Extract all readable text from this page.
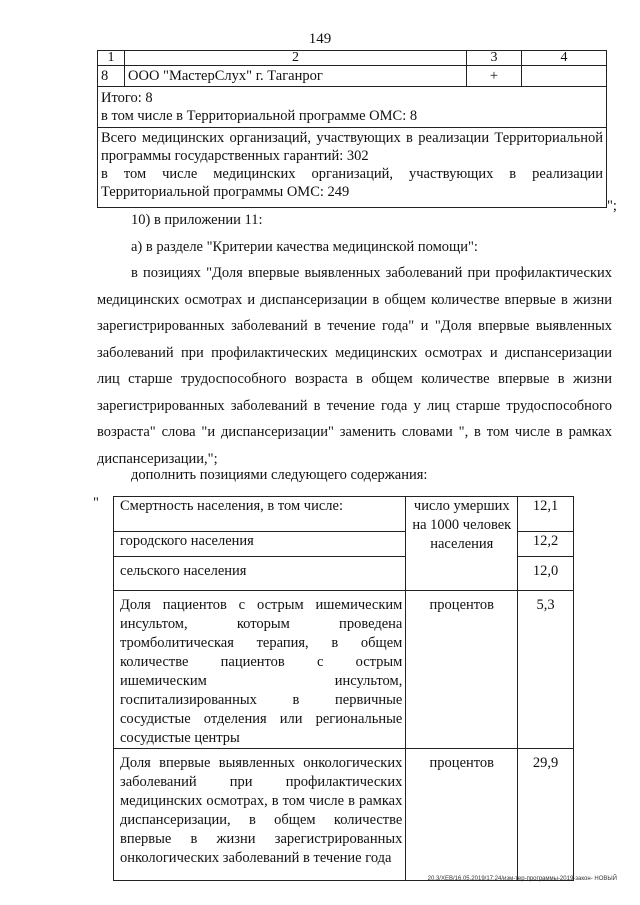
149
1	2	3	4
8	ООО "МастерСлух" г. Таганрог	+	

Итого: 8
в том числе в Территориальной программе ОМС: 8			

Всего медицинских организаций, участвующих в реализации Территориальной программы государственных гарантий: 302
в том числе медицинских организаций, участвующих в реализации Территориальной программы ОМС: 249			
";
10) в приложении 11:
а) в разделе "Критерии качества медицинской помощи":
в позициях "Доля впервые выявленных заболеваний при профилактических медицинских осмотрах и диспансеризации в общем количестве впервые в жизни зарегистрированных заболеваний в течение года" и "Доля впервые выявленных заболеваний при профилактических медицинских осмотрах и диспансеризации лиц старше трудоспособного возраста в общем количестве впервые в жизни зарегистрированных заболеваний в течение года у лиц старше трудоспособного возраста" слова "и диспансеризации" заменить словами ", в том числе в рамках диспансеризации,";
дополнить позициями следующего содержания:
" Смертность населения, в том числе:	число умерших на 1000 человек населения	12,1
городского населения		12,2
сельского населения		12,0
Доля пациентов с острым ишемическим инсультом, которым проведена тромболитическая терапия, в общем количестве пациентов с острым ишемическим инсультом, госпитализированных в первичные сосудистые отделения или региональные сосудистые центры	процентов	5,3
Доля впервые выявленных онкологических заболеваний при профилактических медицинских осмотрах, в том числе в рамках диспансеризации, в общем количестве впервые в жизни зарегистрированных онкологических заболеваний в течение года	процентов	29,9
20.3/XEB/16.05.2019/17:24/изм-тер-программы-2019-закон- НОВЫЙ
